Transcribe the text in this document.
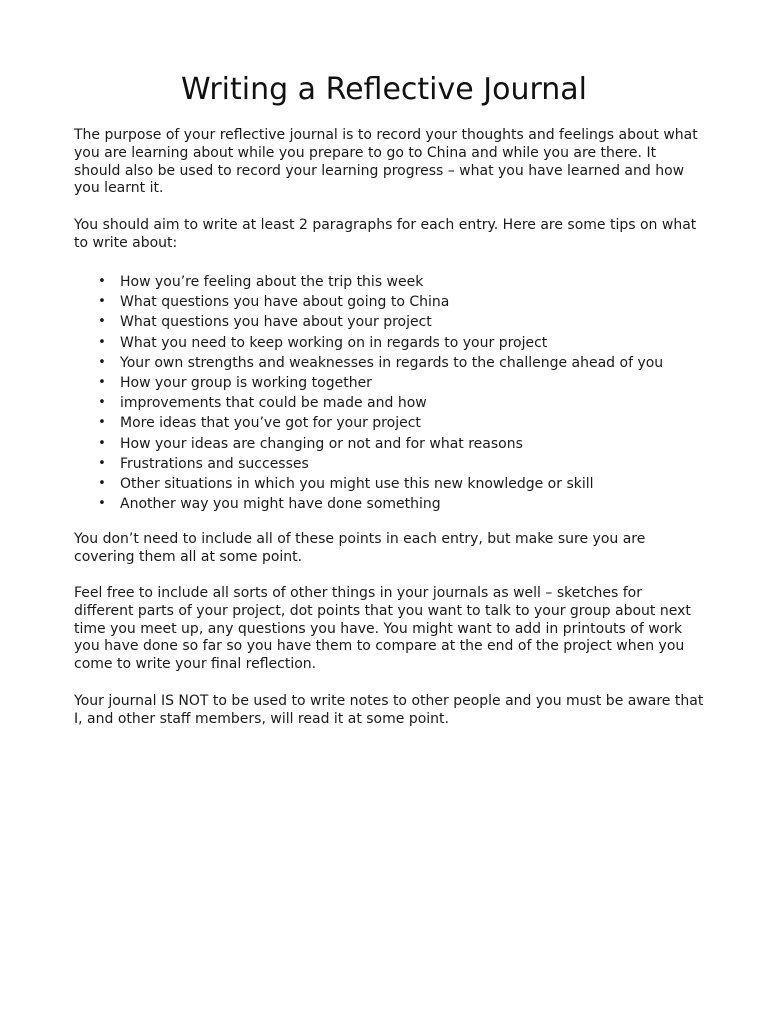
Writing a Reflective Journal

The purpose of your reflective journal is to record your thoughts and feelings about what you are learning about while you prepare to go to China and while you are there. It should also be used to record your learning progress – what you have learned and how you learnt it.

You should aim to write at least 2 paragraphs for each entry. Here are some tips on what to write about:

• How you’re feeling about the trip this week
• What questions you have about going to China
• What questions you have about your project
• What you need to keep working on in regards to your project
• Your own strengths and weaknesses in regards to the challenge ahead of you
• How your group is working together
• improvements that could be made and how
• More ideas that you’ve got for your project
• How your ideas are changing or not and for what reasons
• Frustrations and successes
• Other situations in which you might use this new knowledge or skill
• Another way you might have done something

You don’t need to include all of these points in each entry, but make sure you are covering them all at some point.

Feel free to include all sorts of other things in your journals as well – sketches for different parts of your project, dot points that you want to talk to your group about next time you meet up, any questions you have. You might want to add in printouts of work you have done so far so you have them to compare at the end of the project when you come to write your final reflection.

Your journal IS NOT to be used to write notes to other people and you must be aware that I, and other staff members, will read it at some point.
